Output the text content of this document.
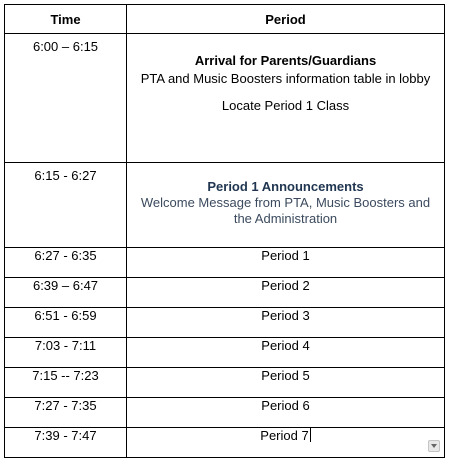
Time	Period
6:00 – 6:15	Arrival for Parents/Guardians
PTA and Music Boosters information table in lobby
Locate Period 1 Class

6:15 - 6:27	Period 1 Announcements
Welcome Message from PTA, Music Boosters and the Administration

6:27 - 6:35	Period 1
6:39 – 6:47	Period 2
6:51 - 6:59	Period 3
7:03 - 7:11	Period 4
7:15 -- 7:23	Period 5
7:27 - 7:35	Period 6
7:39 - 7:47	Period 7
